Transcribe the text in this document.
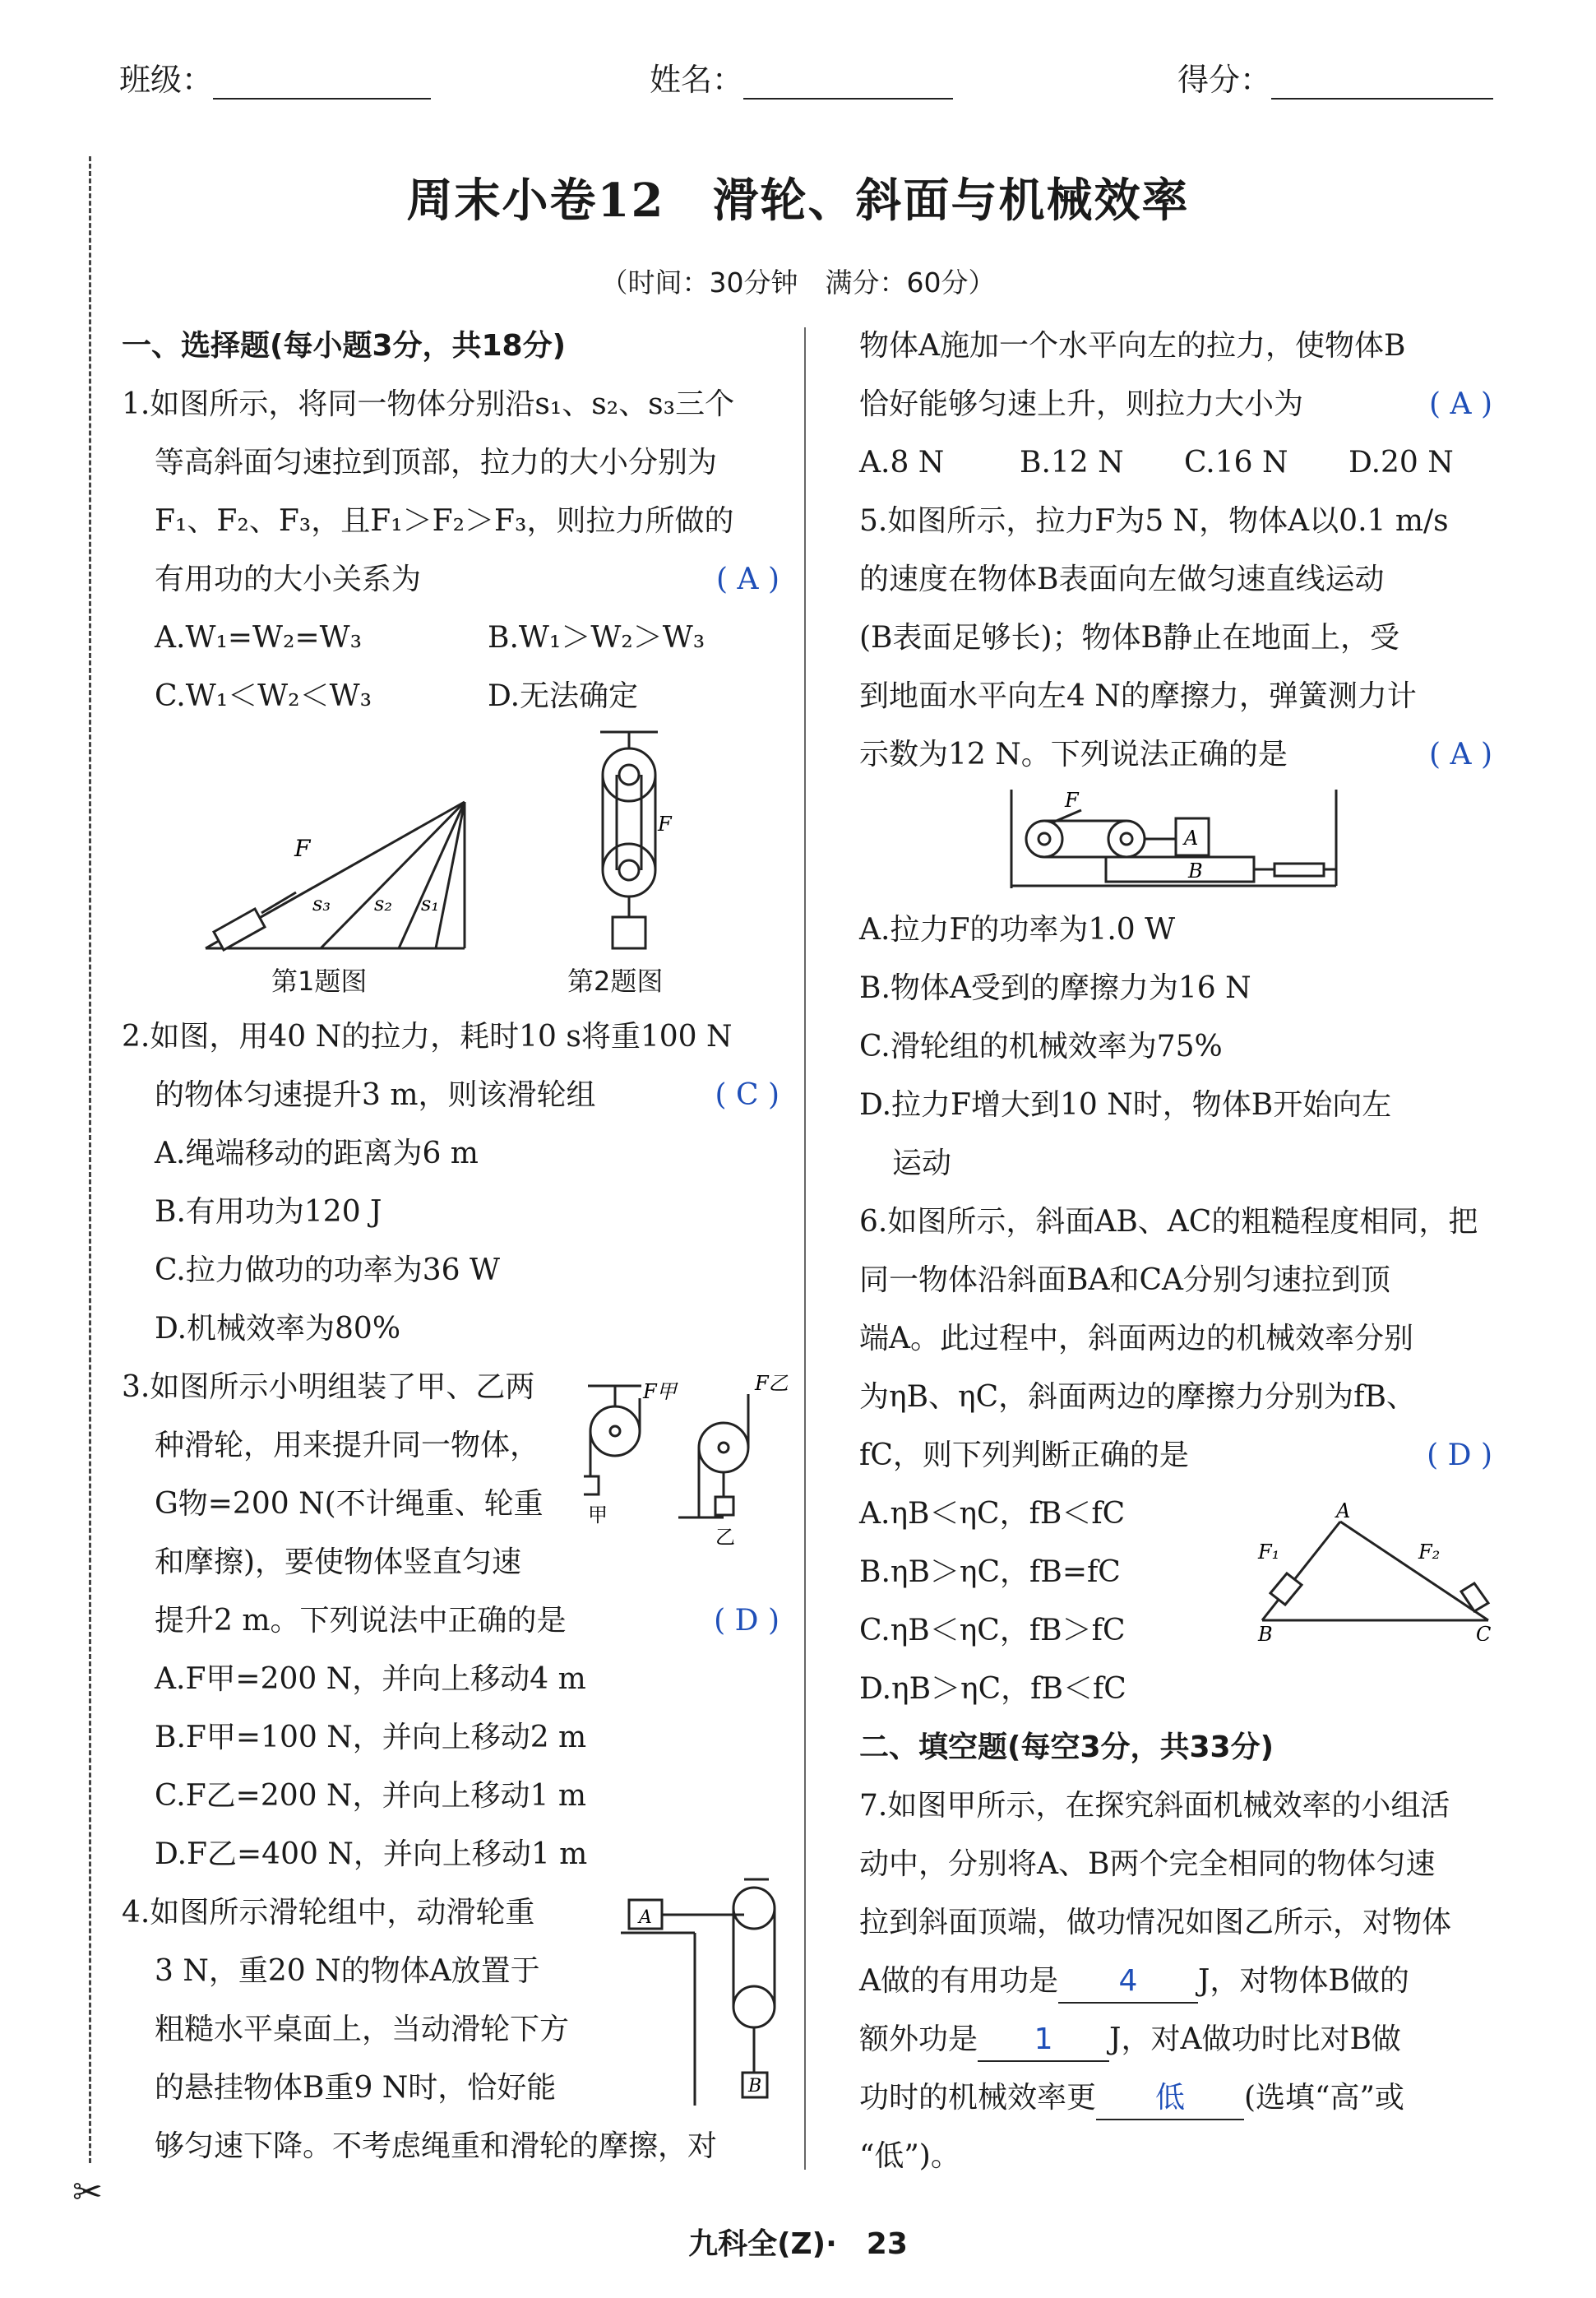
班级：	姓名：	得分：
✂
周末小卷12　滑轮、斜面与机械效率
（时间：30分钟　满分：60分）

一、选择题(每小题3分，共18分)

1.如图所示，将同一物体分别沿s₁、s₂、s₃三个

等高斜面匀速拉到顶部，拉力的大小分别为

F₁、F₂、F₃，且F₁＞F₂＞F₃，则拉力所做的

有用功的大小关系为	( A )

A.W₁=W₂=W₃	B.W₁＞W₂＞W₃

C.W₁＜W₂＜W₃	D.无法确定

F
s₃ s₂ s₁
第1题图
F
第2题图

2.如图，用40 N的拉力，耗时10 s将重100 N

的物体匀速提升3 m，则该滑轮组	( C )

A.绳端移动的距离为6 m

B.有用功为120 J

C.拉力做功的功率为36 W

D.机械效率为80%

3.如图所示小明组装了甲、乙两

种滑轮，用来提升同一物体，

G物=200 N(不计绳重、轮重

和摩擦)，要使物体竖直匀速

提升2 m。下列说法中正确的是	( D )

A.F甲=200 N，并向上移动4 m

B.F甲=100 N，并向上移动2 m

C.F乙=200 N，并向上移动1 m

D.F乙=400 N，并向上移动1 m

4.如图所示滑轮组中，动滑轮重

3 N，重20 N的物体A放置于

粗糙水平桌面上，当动滑轮下方

的悬挂物体B重9 N时，恰好能

够匀速下降。不考虑绳重和滑轮的摩擦，对

F甲	F乙
甲
乙
A
B

物体A施加一个水平向左的拉力，使物体B

恰好能够匀速上升，则拉力大小为	( A )

A.8 N	B.12 N C.16 N D.20 N

5.如图所示，拉力F为5 N，物体A以0.1 m/s

的速度在物体B表面向左做匀速直线运动

(B表面足够长)；物体B静止在地面上，受

到地面水平向左4 N的摩擦力，弹簧测力计

示数为12 N。下列说法正确的是	( A )

F
A
B

A.拉力F的功率为1.0 W

B.物体A受到的摩擦力为16 N

C.滑轮组的机械效率为75%

D.拉力F增大到10 N时，物体B开始向左

运动

6.如图所示，斜面AB、AC的粗糙程度相同，把

同一物体沿斜面BA和CA分别匀速拉到顶

端A。此过程中，斜面两边的机械效率分别

为ηB、ηC，斜面两边的摩擦力分别为fB、

fC，则下列判断正确的是	( D )

A.ηB＜ηC，fB＜fC

B.ηB＞ηC，fB=fC

C.ηB＜ηC，fB＞fC

D.ηB＞ηC，fB＜fC

二、填空题(每空3分，共33分)

7.如图甲所示，在探究斜面机械效率的小组活

动中，分别将A、B两个完全相同的物体匀速

拉到斜面顶端，做功情况如图乙所示，对物体

A做的有用功是 4 J，对物体B做的

额外功是 1 J，对A做功时比对B做

功时的机械效率更 低 (选填“高”或

“低”)。

A
B	C
F₁	F₂
九科全(Z)·　23
